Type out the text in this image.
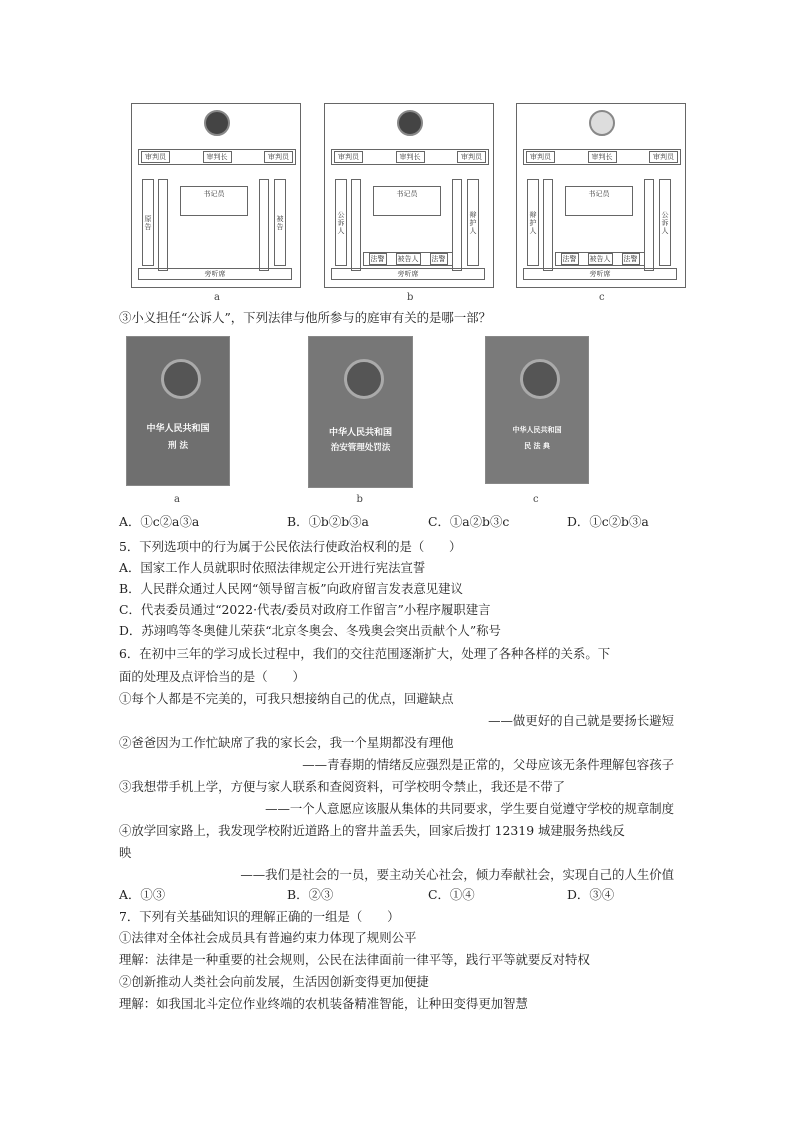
审判员	审判长	审判员
原告	被告
书记员
旁听席
a
审判员	审判长	审判员
公诉人	辩护人
书记员
法警 被告人 法警
旁听席
b
审判员	审判长	审判员
辩护人	公诉人
书记员
法警 被告人 法警
旁听席
c
③小义担任“公诉人”，下列法律与他所参与的庭审有关的是哪一部？
中华人民共和国
刑 法
a
中华人民共和国
治安管理处罚法
b
中华人民共和国
民 法 典
c
A．①c②a③a	B．①b②b③a	C．①a②b③c	D．①c②b③a
5．下列选项中的行为属于公民依法行使政治权利的是（　　）
A．国家工作人员就职时依照法律规定公开进行宪法宣誓
B．人民群众通过人民网“领导留言板”向政府留言发表意见建议
C．代表委员通过“2022·代表/委员对政府工作留言”小程序履职建言
D．苏翊鸣等冬奥健儿荣获“北京冬奥会、冬残奥会突出贡献个人”称号
6．在初中三年的学习成长过程中，我们的交往范围逐渐扩大，处理了各种各样的关系。下
面的处理及点评恰当的是（　　）
①每个人都是不完美的，可我只想接纳自己的优点，回避缺点
——做更好的自己就是要扬长避短
②爸爸因为工作忙缺席了我的家长会，我一个星期都没有理他
——青春期的情绪反应强烈是正常的，父母应该无条件理解包容孩子
③我想带手机上学，方便与家人联系和查阅资料，可学校明令禁止，我还是不带了
——一个人意愿应该服从集体的共同要求，学生要自觉遵守学校的规章制度
④放学回家路上，我发现学校附近道路上的窨井盖丢失，回家后拨打 12319 城建服务热线反
映
——我们是社会的一员，要主动关心社会，倾力奉献社会，实现自己的人生价值
A．①③	B．②③	C．①④	D．③④
7．下列有关基础知识的理解正确的一组是（　　）
①法律对全体社会成员具有普遍约束力体现了规则公平
理解：法律是一种重要的社会规则，公民在法律面前一律平等，践行平等就要反对特权
②创新推动人类社会向前发展，生活因创新变得更加便捷
理解：如我国北斗定位作业终端的农机装备精准智能，让种田变得更加智慧
